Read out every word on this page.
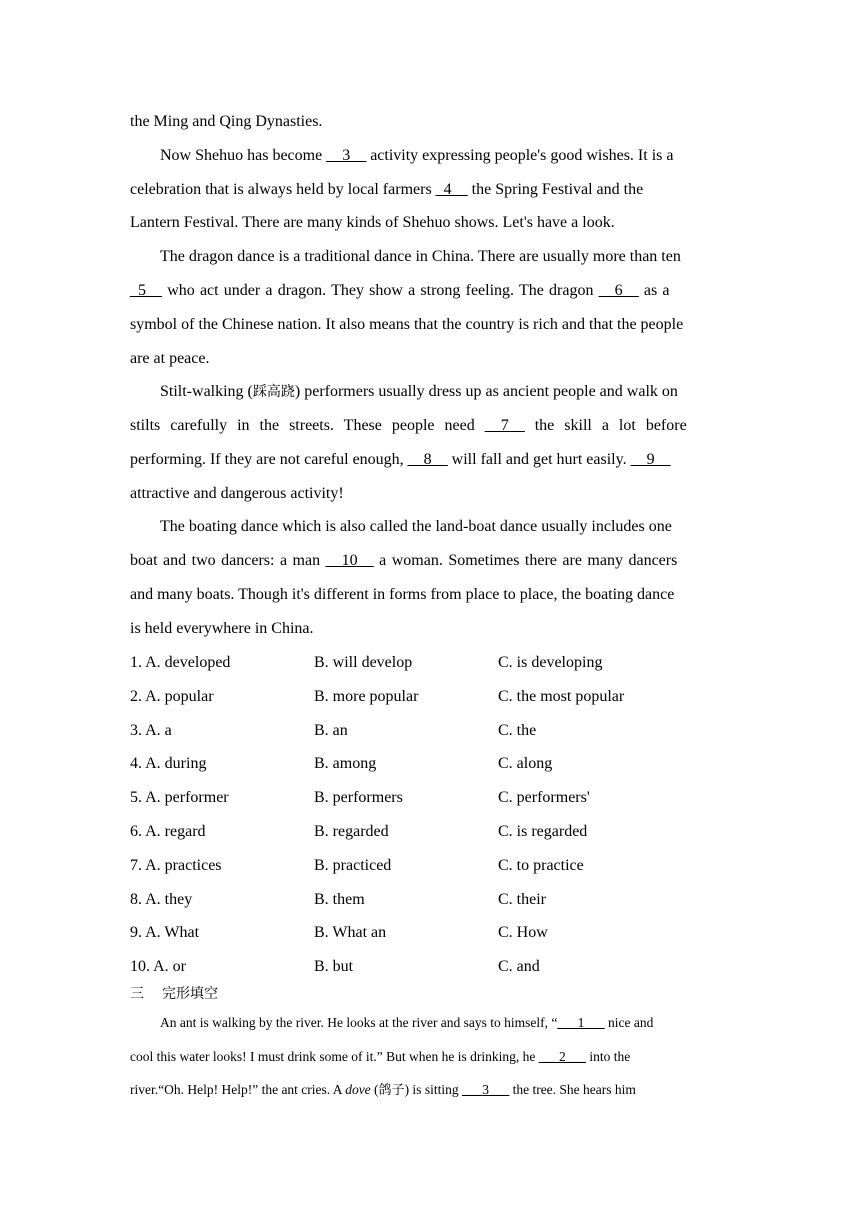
the Ming and Qing Dynasties.
Now Shehuo has become __3__ activity expressing people's good wishes. It is a
celebration that is always held by local farmers _4__ the Spring Festival and the
Lantern Festival. There are many kinds of Shehuo shows. Let's have a look.
The dragon dance is a traditional dance in China. There are usually more than ten
_5__ who act under a dragon. They show a strong feeling. The dragon __6__ as a
symbol of the Chinese nation. It also means that the country is rich and that the people
are at peace.
Stilt-walking (踩高跷) performers usually dress up as ancient people and walk on
stilts carefully in the streets. These people need __7__ the skill a lot before
performing. If they are not careful enough, __8__ will fall and get hurt easily. __9__
attractive and dangerous activity!
The boating dance which is also called the land-boat dance usually includes one
boat and two dancers: a man __10__ a woman. Sometimes there are many dancers
and many boats. Though it's different in forms from place to place, the boating dance
is held everywhere in China.
1. A. developed	B. will develop	C. is developing
2. A. popular	B. more popular	C. the most popular
3. A. a	B. an	C. the
4. A. during	B. among	C. along
5. A. performer	B. performers	C. performers'
6. A. regard	B. regarded	C. is regarded
7. A. practices	B. practiced	C. to practice
8. A. they	B. them	C. their
9. A. What	B. What an	C. How
10. A. or	B. but	C. and
三 完形填空
An ant is walking by the river. He looks at the river and says to himself, “___1___ nice and
cool this water looks! I must drink some of it.” But when he is drinking, he ___2___ into the
river.“Oh. Help! Help!” the ant cries. A dove (鸽子) is sitting ___3___ the tree. She hears him
